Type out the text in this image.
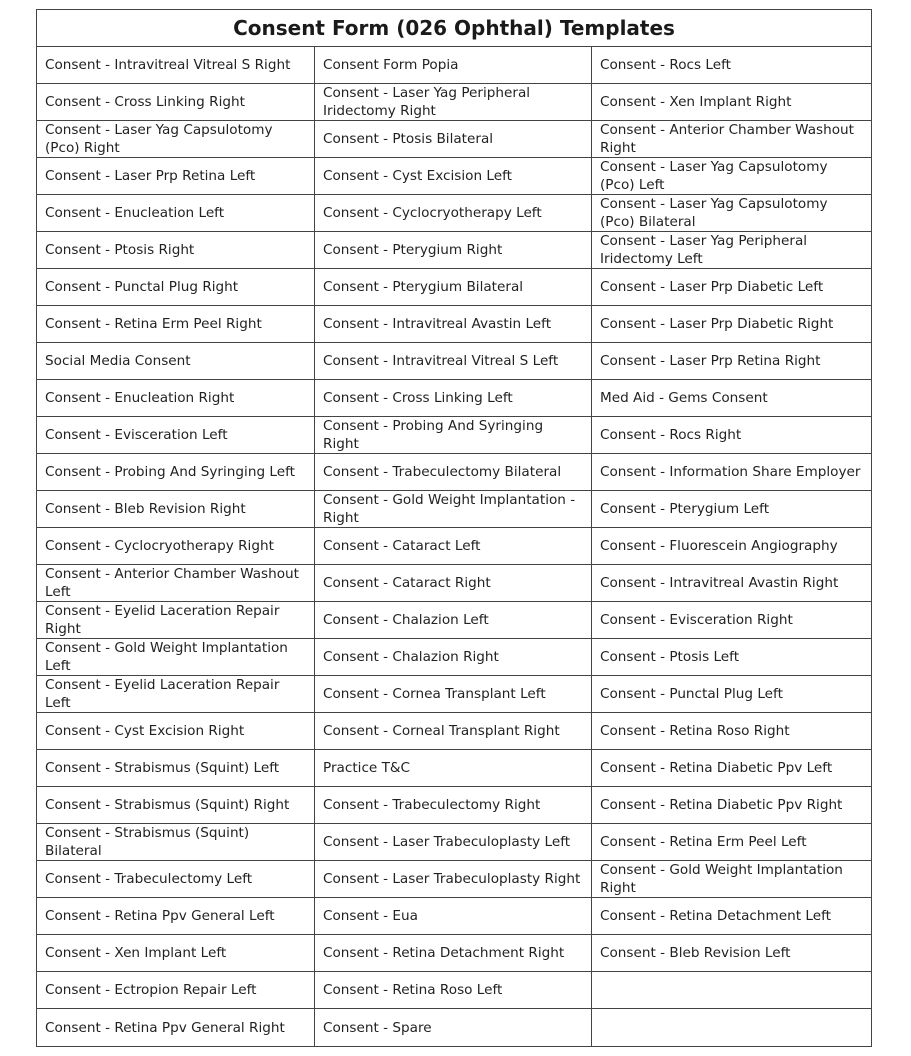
Consent Form (026 Ophthal) Templates		
Consent - Intravitreal Vitreal S Right	Consent Form Popia	Consent - Rocs Left
Consent - Cross Linking Right	Consent - Laser Yag Peripheral Iridectomy Right	Consent - Xen Implant Right
Consent - Laser Yag Capsulotomy (Pco) Right	Consent - Ptosis Bilateral	Consent - Anterior Chamber Washout Right
Consent - Laser Prp Retina Left	Consent - Cyst Excision Left	Consent - Laser Yag Capsulotomy (Pco) Left
Consent - Enucleation Left	Consent - Cyclocryotherapy Left	Consent - Laser Yag Capsulotomy (Pco) Bilateral
Consent - Ptosis Right	Consent - Pterygium Right	Consent - Laser Yag Peripheral Iridectomy Left
Consent - Punctal Plug Right	Consent - Pterygium Bilateral	Consent - Laser Prp Diabetic Left
Consent - Retina Erm Peel Right	Consent - Intravitreal Avastin Left	Consent - Laser Prp Diabetic Right
Social Media Consent	Consent - Intravitreal Vitreal S Left	Consent - Laser Prp Retina Right
Consent - Enucleation Right	Consent - Cross Linking Left	Med Aid - Gems Consent
Consent - Evisceration Left	Consent - Probing And Syringing Right	Consent - Rocs Right
Consent - Probing And Syringing Left	Consent - Trabeculectomy Bilateral	Consent - Information Share Employer
Consent - Bleb Revision Right	Consent - Gold Weight Implantation - Right	Consent - Pterygium Left
Consent - Cyclocryotherapy Right	Consent - Cataract Left	Consent - Fluorescein Angiography
Consent - Anterior Chamber Washout Left	Consent - Cataract Right	Consent - Intravitreal Avastin Right
Consent - Eyelid Laceration Repair Right	Consent - Chalazion Left	Consent - Evisceration Right
Consent - Gold Weight Implantation Left	Consent - Chalazion Right	Consent - Ptosis Left
Consent - Eyelid Laceration Repair Left	Consent - Cornea Transplant Left	Consent - Punctal Plug Left
Consent - Cyst Excision Right	Consent - Corneal Transplant Right	Consent - Retina Roso Right
Consent - Strabismus (Squint) Left	Practice T&C	Consent - Retina Diabetic Ppv Left
Consent - Strabismus (Squint) Right	Consent - Trabeculectomy Right	Consent - Retina Diabetic Ppv Right
Consent - Strabismus (Squint) Bilateral	Consent - Laser Trabeculoplasty Left	Consent - Retina Erm Peel Left
Consent - Trabeculectomy Left	Consent - Laser Trabeculoplasty Right	Consent - Gold Weight Implantation Right
Consent - Retina Ppv General Left	Consent - Eua	Consent - Retina Detachment Left
Consent - Xen Implant Left	Consent - Retina Detachment Right	Consent - Bleb Revision Left
Consent - Ectropion Repair Left	Consent - Retina Roso Left	
Consent - Retina Ppv General Right	Consent - Spare	
